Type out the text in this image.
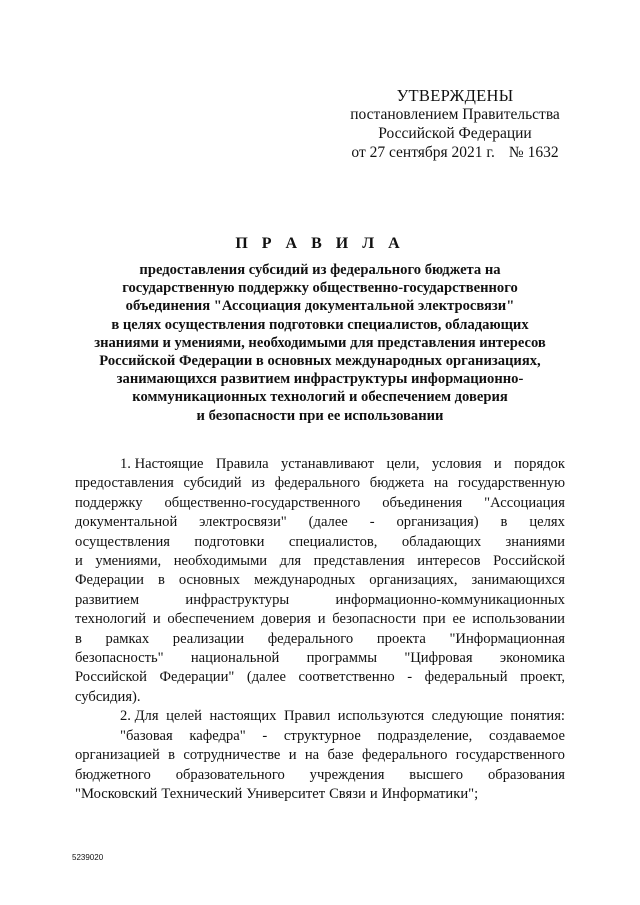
УТВЕРЖДЕНЫ
постановлением Правительства
Российской Федерации
от 27 сентября 2021 г. № 1632
П Р А В И Л А
предоставления субсидий из федерального бюджета на
государственную поддержку общественно-государственного
объединения "Ассоциация документальной электросвязи"
в целях осуществления подготовки специалистов, обладающих
знаниями и умениями, необходимыми для представления интересов
Российской Федерации в основных международных организациях,
занимающихся развитием инфраструктуры информационно-
коммуникационных технологий и обеспечением доверия
и безопасности при ее использовании
1. Настоящие Правила устанавливают цели, условия и порядок
предоставления субсидий из федерального бюджета на государственную
поддержку общественно-государственного объединения "Ассоциация
документальной электросвязи" (далее - организация) в целях
осуществления подготовки специалистов, обладающих знаниями
и умениями, необходимыми для представления интересов Российской
Федерации в основных международных организациях, занимающихся
развитием	инфраструктуры	информационно-коммуникационных
технологий и обеспечением доверия и безопасности при ее использовании
в рамках реализации федерального проекта "Информационная
безопасность" национальной программы "Цифровая экономика
Российской Федерации" (далее соответственно - федеральный проект,
субсидия).
2. Для целей настоящих Правил используются следующие понятия:
"базовая кафедра" - структурное подразделение, создаваемое
организацией в сотрудничестве и на базе федерального государственного
бюджетного образовательного учреждения высшего образования
"Московский Технический Университет Связи и Информатики";
5239020
